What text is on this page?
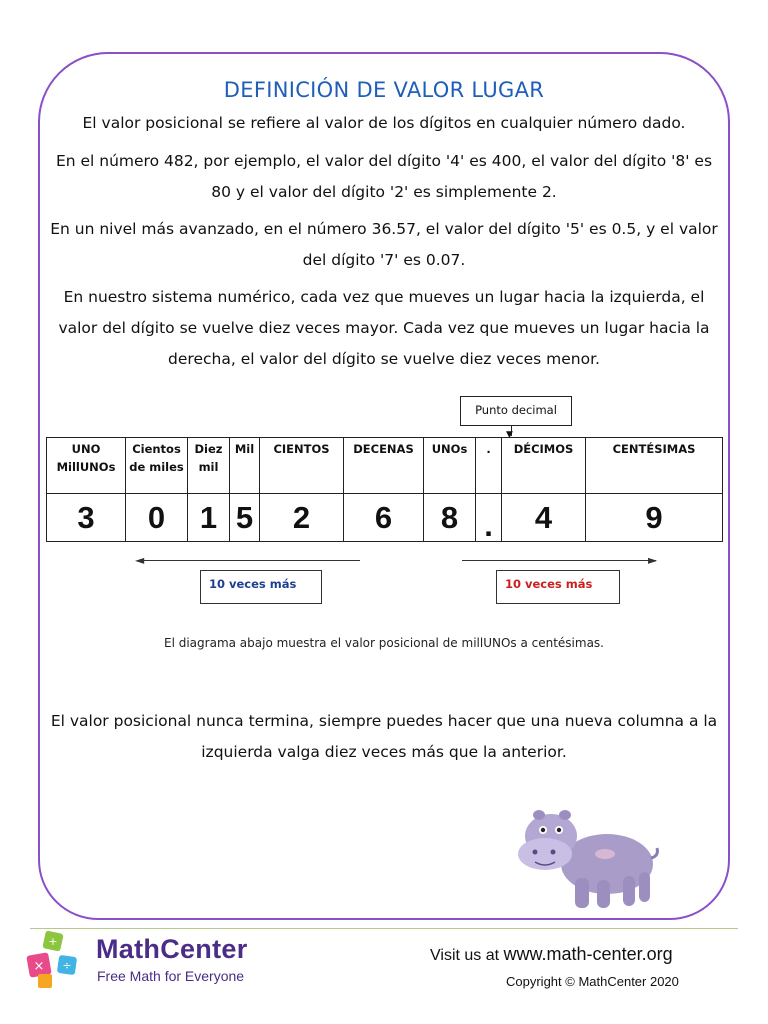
DEFINICIÓN DE VALOR LUGAR
El valor posicional se refiere al valor de los dígitos en cualquier número dado.
En el número 482, por ejemplo, el valor del dígito '4' es 400, el valor del dígito '8' es 80 y el valor del dígito '2' es simplemente 2.
En un nivel más avanzado, en el número 36.57, el valor del dígito '5' es 0.5, y el valor del dígito '7' es 0.07.
En nuestro sistema numérico, cada vez que mueves un lugar hacia la izquierda, el valor del dígito se vuelve diez veces mayor. Cada vez que mueves un lugar hacia la derecha, el valor del dígito se vuelve diez veces menor.
Punto decimal
▼
UNO MillUNOs	Cientos de miles	Diez mil	Mil	CIENTOS	DECENAS	UNOs	.	DÉCIMOS	CENTÉSIMAS
3	0	1	5	2	6	8	.	4	9
◄	►
10 veces más	10 veces más
El diagrama abajo muestra el valor posicional de millUNOs a centésimas.
El valor posicional nunca termina, siempre puedes hacer que una nueva columna a la izquierda valga diez veces más que la anterior.
+
× ÷
MathCenter
Free Math for Everyone
Visit us at www.math-center.org
Copyright © MathCenter 2020
